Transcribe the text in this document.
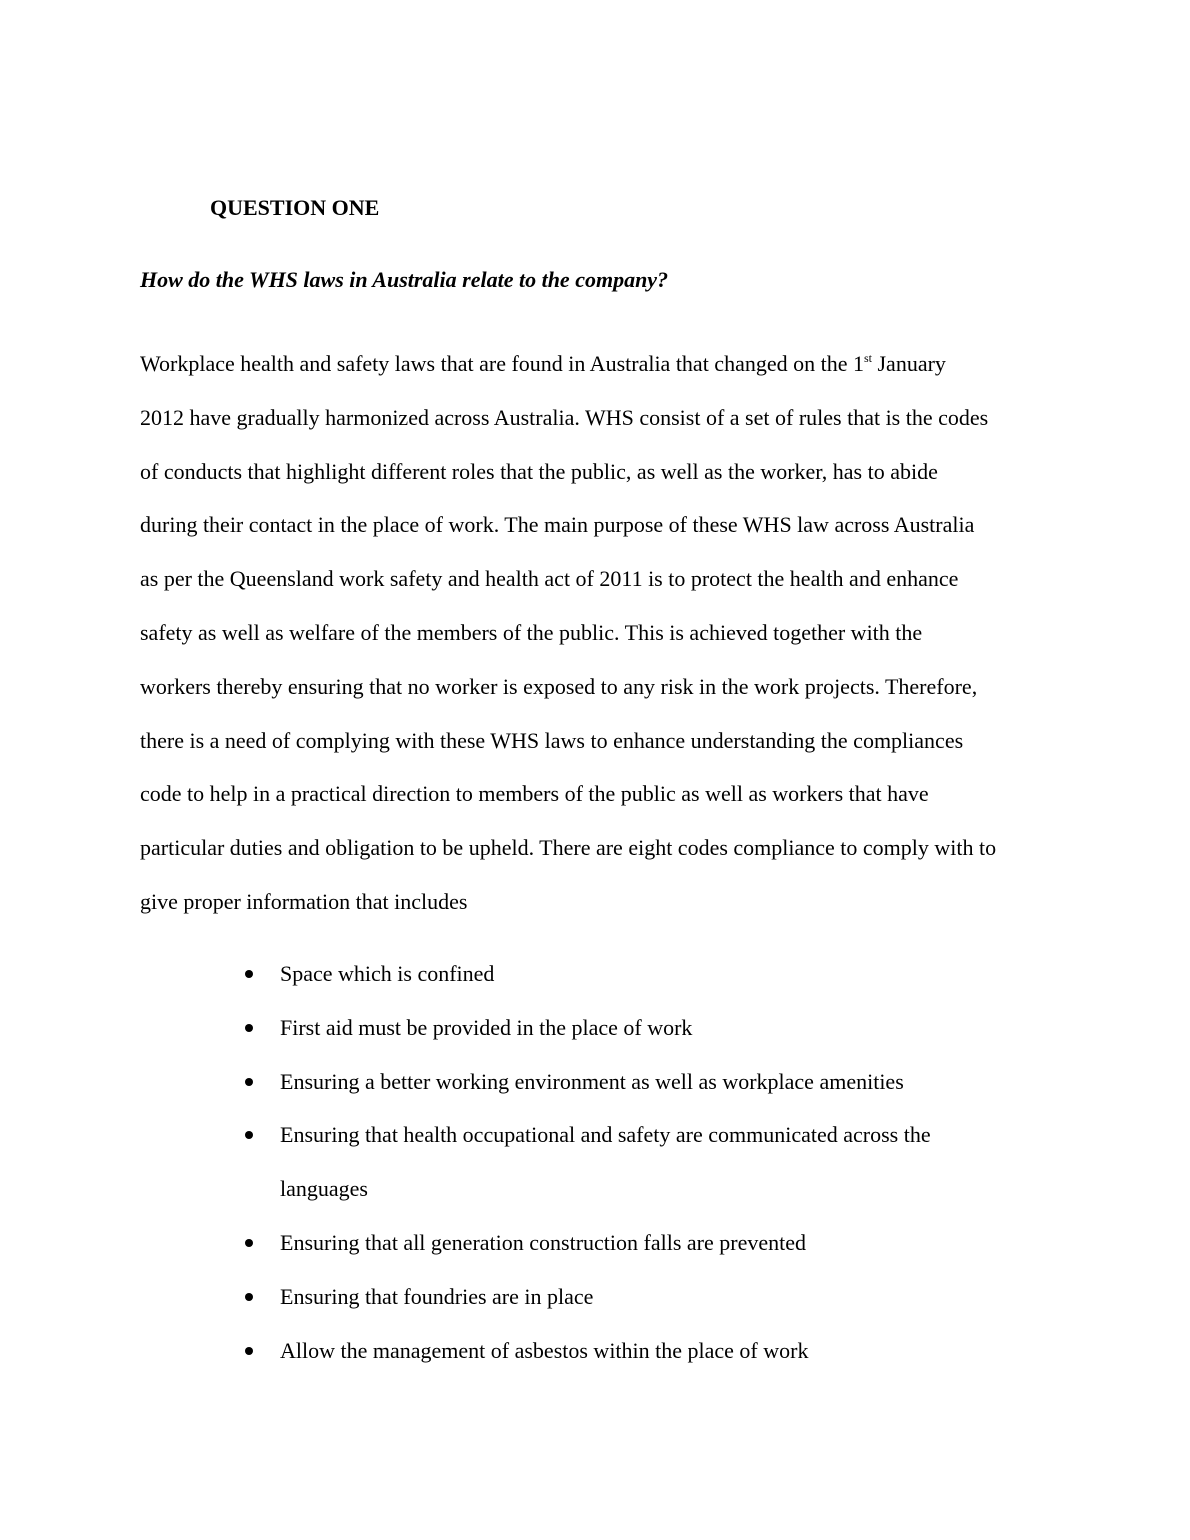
QUESTION ONE

How do the WHS laws in Australia relate to the company?

Workplace health and safety laws that are found in Australia that changed on the 1st January
2012 have gradually harmonized across Australia. WHS consist of a set of rules that is the codes
of conducts that highlight different roles that the public, as well as the worker, has to abide
during their contact in the place of work. The main purpose of these WHS law across Australia
as per the Queensland work safety and health act of 2011 is to protect the health and enhance
safety as well as welfare of the members of the public. This is achieved together with the
workers thereby ensuring that no worker is exposed to any risk in the work projects. Therefore,
there is a need of complying with these WHS laws to enhance understanding the compliances
code to help in a practical direction to members of the public as well as workers that have
particular duties and obligation to be upheld. There are eight codes compliance to comply with to
give proper information that includes

Space which is confined
First aid must be provided in the place of work
Ensuring a better working environment as well as workplace amenities
Ensuring that health occupational and safety are communicated across the
languages
Ensuring that all generation construction falls are prevented
Ensuring that foundries are in place
Allow the management of asbestos within the place of work
